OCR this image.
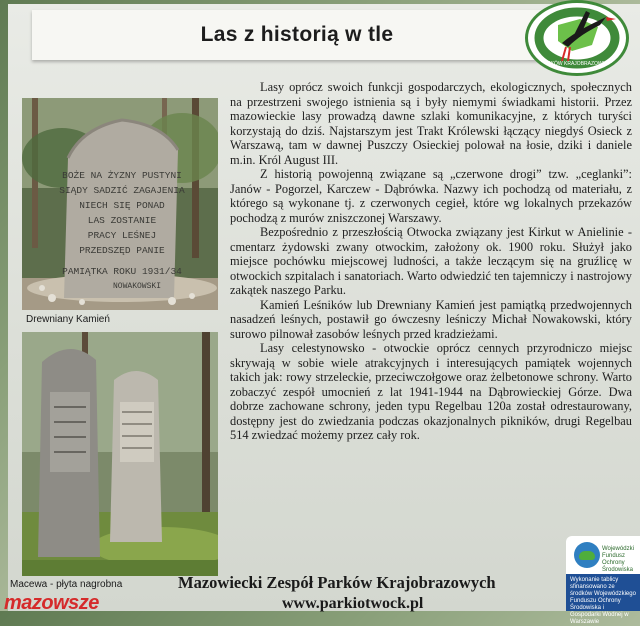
Las z historią w tle
PARKÓW KRAJOBRAZOWYCH
BOŻE NA ŻYZNY PUSTYNI
SIĄDY SADZIĆ ZAGAJENIA
NIECH SIĘ PONAD
LAS ZOSTANIE
PRACY LEŚNEJ
PRZEDSZĘD PANIE
PAMIĄTKA ROKU 1931/34
NOWAKOWSKI
Drewniany Kamień
Macewa - płyta nagrobna

Lasy oprócz swoich funkcji gospodarczych, ekologicznych, społecznych na przestrzeni swojego istnienia są i były niemymi świadkami historii. Przez mazowieckie lasy prowadzą dawne szlaki komunikacyjne, z których turyści korzystają do dziś. Najstarszym jest Trakt Królewski łączący niegdyś Osieck z Warszawą, tam w dawnej Puszczy Osieckiej polował na łosie, dziki i daniele m.in. Król August III.

Z historią powojenną związane są „czerwone drogi” tzw. „ceglanki”: Janów - Pogorzel, Karczew - Dąbrówka. Nazwy ich pochodzą od materiału, z którego są wykonane tj. z czerwonych cegieł, które wg lokalnych przekazów pochodzą z murów zniszczonej Warszawy.

Bezpośrednio z przeszłością Otwocka związany jest Kirkut w Anielinie - cmentarz żydowski zwany otwockim, założony ok. 1900 roku. Służył jako miejsce pochówku miejscowej ludności, a także leczącym się na gruźlicę w otwockich szpitalach i sanatoriach. Warto odwiedzić ten tajemniczy i nastrojowy zakątek naszego Parku.

Kamień Leśników lub Drewniany Kamień jest pamiątką przedwojennych nasadzeń leśnych, postawił go ówczesny leśniczy Michał Nowakowski, który surowo pilnował zasobów leśnych przed kradzieżami.

Lasy celestynowsko - otwockie oprócz cennych przyrodniczo miejsc skrywają w sobie wiele atrakcyjnych i interesujących pamiątek wojennych takich jak: rowy strzeleckie, przeciwczołgowe oraz żelbetonowe schrony. Warto zobaczyć zespół umocnień z lat 1941-1944 na Dąbrowieckiej Górze. Dwa dobrze zachowane schrony, jeden typu Regelbau 120a został odrestaurowany, dostępny jest do zwiedzania podczas okazjonalnych pikników, drugi Regelbau 514 zwiedzać możemy przez cały rok.

Mazowiecki Zespół Parków Krajobrazowych
www.parkiotwock.pl
mazowsze
Wojewódzki
Fundusz
Ochrony
Środowiska
Wykonanie tablicy sfinansowano ze środków Wojewódzkiego Funduszu Ochrony Środowiska i Gospodarki Wodnej w Warszawie
